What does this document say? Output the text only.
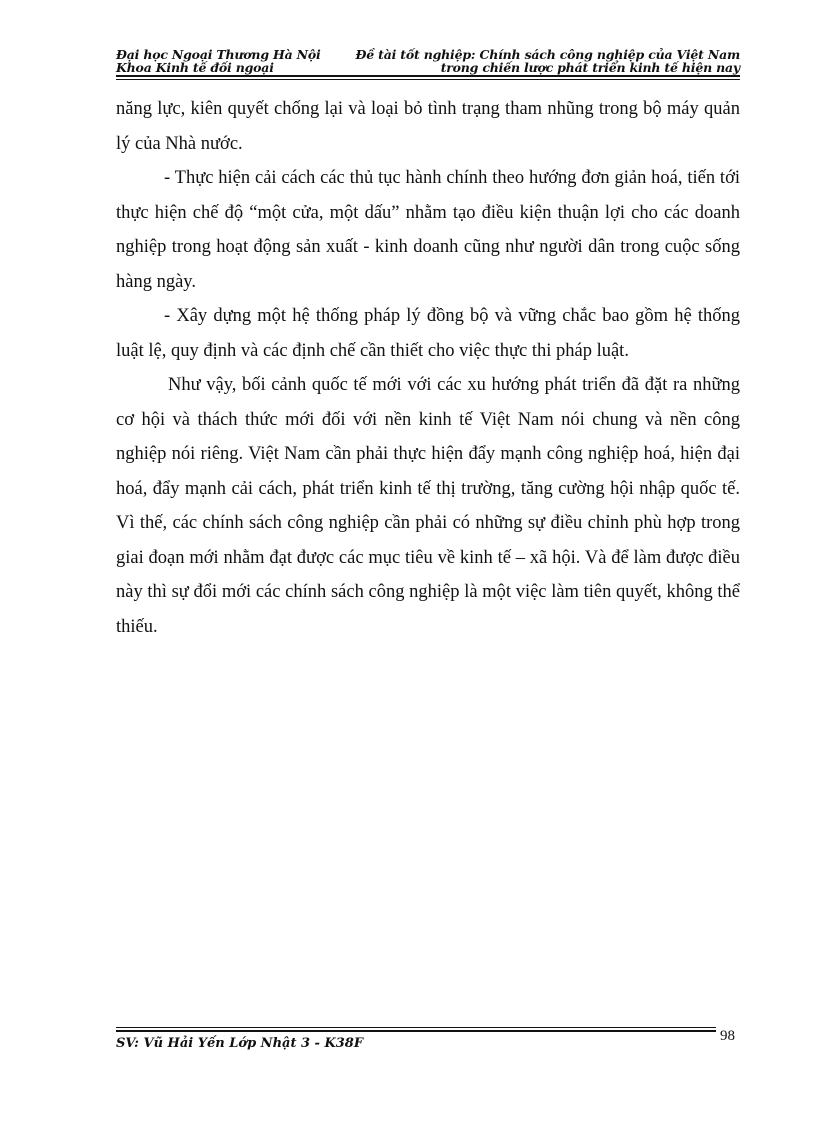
Đại học Ngoại Thương Hà Nội
Khoa Kinh tế đối ngoại
Đề tài tốt nghiệp: Chính sách công nghiệp của Việt Nam
trong chiến lược phát triển kinh tế hiện nay

năng lực, kiên quyết chống lại và loại bỏ tình trạng tham nhũng trong bộ máy quản lý của Nhà nước.

- Thực hiện cải cách các thủ tục hành chính theo hướng đơn giản hoá, tiến tới thực hiện chế độ “một cửa, một dấu” nhằm tạo điều kiện thuận lợi cho các doanh nghiệp trong hoạt động sản xuất - kinh doanh cũng như người dân trong cuộc sống hàng ngày.

- Xây dựng một hệ thống pháp lý đồng bộ và vững chắc bao gồm hệ thống luật lệ, quy định và các định chế cần thiết cho việc thực thi pháp luật.

Như vậy, bối cảnh quốc tế mới với các xu hướng phát triển đã đặt ra những cơ hội và thách thức mới đối với nền kinh tế Việt Nam nói chung và nền công nghiệp nói riêng. Việt Nam cần phải thực hiện đẩy mạnh công nghiệp hoá, hiện đại hoá, đẩy mạnh cải cách, phát triển kinh tế thị trường, tăng cường hội nhập quốc tế. Vì thế, các chính sách công nghiệp cần phải có những sự điều chỉnh phù hợp trong giai đoạn mới nhằm đạt được các mục tiêu về kinh tế – xã hội. Và để làm được điều này thì sự đổi mới các chính sách công nghiệp là một việc làm tiên quyết, không thể thiếu.

SV: Vũ Hải Yến Lớp Nhật 3 - K38F	98
